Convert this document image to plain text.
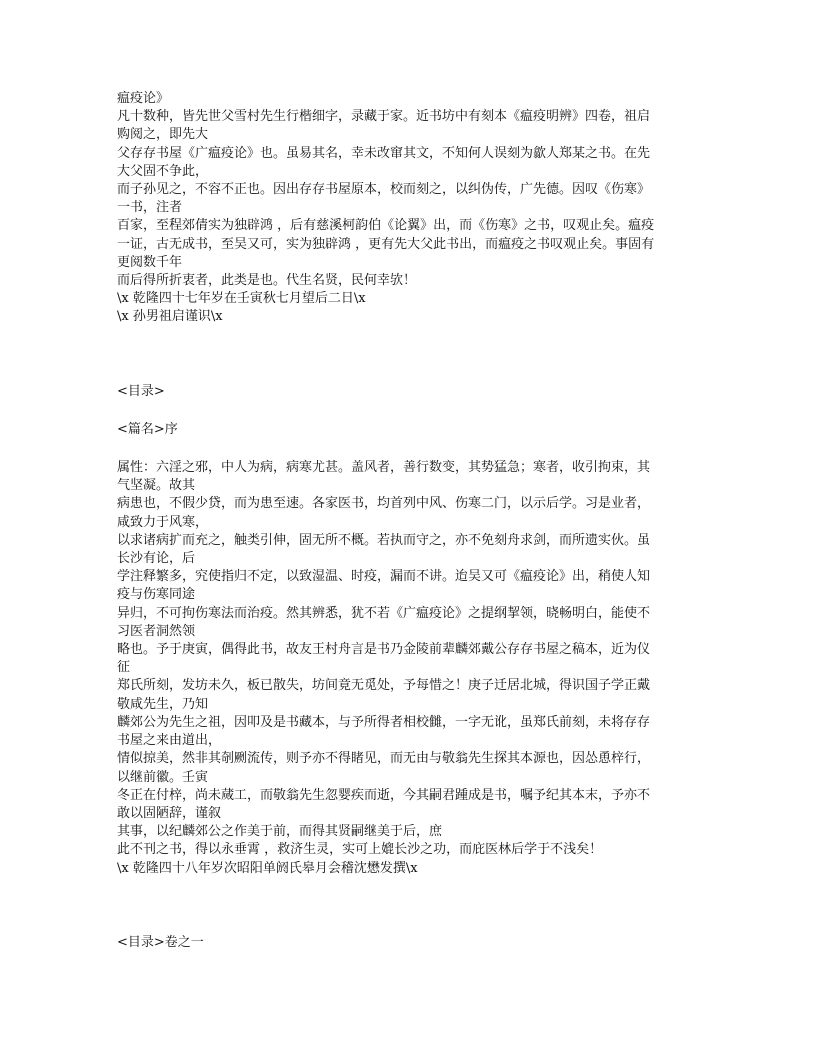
瘟疫论》
凡十数种，皆先世父雪村先生行楷细字，录藏于家。近书坊中有刻本《瘟疫明辨》四卷，祖启
购阅之，即先大
父存存书屋《广瘟疫论》也。虽易其名，幸未改窜其文，不知何人误刻为歙人郑某之书。在先
大父固不争此，
而子孙见之，不容不正也。因出存存书屋原本，校而刻之，以纠伪传，广先德。因叹《伤寒》
一书，注者
百家，至程郊倩实为独辟鸿 ，后有慈溪柯韵伯《论翼》出，而《伤寒》之书，叹观止矣。瘟疫
一证，古无成书，至吴又可，实为独辟鸿 ，更有先大父此书出，而瘟疫之书叹观止矣。事固有
更阅数千年
而后得所折衷者，此类是也。代生名贤，民何幸欤！
\x 乾隆四十七年岁在壬寅秋七月望后二日\x
\x 孙男祖启谨识\x
<目录>
<篇名>序
属性：六淫之邪，中人为病，病寒尤甚。盖风者，善行数变，其势猛急；寒者，收引拘束，其
气坚凝。故其
病患也，不假少贷，而为患至速。各家医书，均首列中风、伤寒二门，以示后学。习是业者，
咸致力于风寒，
以求诸病扩而充之，触类引伸，固无所不概。若执而守之，亦不免刻舟求剑，而所遗实伙。虽
长沙有论，后
学注释繁多，究使指归不定，以致湿温、时疫，漏而不讲。迨吴又可《瘟疫论》出，稍使人知
疫与伤寒同途
异归，不可拘伤寒法而治疫。然其辨悉，犹不若《广瘟疫论》之提纲挈领，晓畅明白，能使不
习医者洞然领
略也。予于庚寅，偶得此书，故友王村舟言是书乃金陵前辈麟郊戴公存存书屋之稿本，近为仪
征
郑氏所刻，发坊未久，板已散失，坊间竟无觅处，予每惜之！庚子迁居北城，得识国子学正戴
敬咸先生，乃知
麟郊公为先生之祖，因叩及是书藏本，与予所得者相校雠，一字无讹，虽郑氏前刻，未将存存
书屋之来由道出，
情似掠美，然非其剞劂流传，则予亦不得睹见，而无由与敬翁先生探其本源也，因怂恿梓行，
以继前徽。壬寅
冬正在付梓，尚未蒇工，而敬翁先生忽婴疾而逝，今其嗣君踵成是书，嘱予纪其本末，予亦不
敢以固陋辞，谨叙
其事，以纪麟郊公之作美于前，而得其贤嗣继美于后，庶
此不刊之书，得以永垂霄 ，救济生灵，实可上媲长沙之功，而庇医林后学于不浅矣！
\x 乾隆四十八年岁次昭阳单阏氏皋月会稽沈懋发撰\x
<目录>卷之一
